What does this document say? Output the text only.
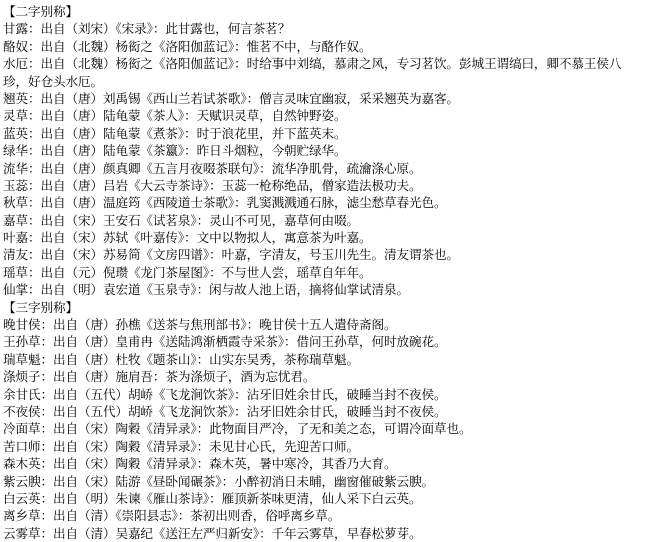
【二字别称】
甘露：出自（刘宋）《宋录》：此甘露也，何言茶茗？
酪奴：出自（北魏）杨衒之《洛阳伽蓝记》：惟茗不中，与酪作奴。
水厄：出自（北魏）杨衒之《洛阳伽蓝记》：时给事中刘缟，慕肃之风，专习茗饮。彭城王谓缟曰，卿不慕王侯八珍，好仓头水厄。
翘英：出自（唐）刘禹锡《西山兰若试茶歌》：僧言灵味宜幽寂，采采翘英为嘉客。
灵草：出自（唐）陆龟蒙《茶人》：天赋识灵草，自然钟野姿。
蓝英：出自（唐）陆龟蒙《煮茶》：时于浪花里，并下蓝英末。
绿华：出自（唐）陆龟蒙《茶籝》：昨日斗烟粒，今朝贮绿华。
流华：出自（唐）颜真卿《五言月夜啜茶联句》：流华净肌骨，疏瀹涤心原。
玉蕊：出自（唐）吕岩《大云寺茶诗》：玉蕊一枪称绝品，僧家造法极功夫。
秋草：出自（唐）温庭筠《西陵道士茶歌》：乳窦溅溅通石脉，滤尘愁草春光色。
嘉草：出自（宋）王安石《试茗泉》：灵山不可见，嘉草何由啜。
叶嘉：出自（宋）苏轼《叶嘉传》：文中以物拟人，寓意茶为叶嘉。
清友：出自（宋）苏易简《文房四谱》：叶嘉，字清友，号玉川先生。清友谓茶也。
瑶草：出自（元）倪瓒《龙门茶屋图》：不与世人尝，瑶草自年年。
仙掌：出自（明）袁宏道《玉泉寺》：闲与故人池上语，摘将仙掌试清泉。
【三字别称】
晚甘侯：出自（唐）孙樵《送茶与焦刑部书》：晚甘侯十五人遣侍斋阁。
王孙草：出自（唐）皇甫冉《送陆鸿渐栖霞寺采茶》：借问王孙草，何时放碗花。
瑞草魁：出自（唐）杜牧《题茶山》：山实东吴秀，茶称瑞草魁。
涤烦子：出自（唐）施肩吾：茶为涤烦子，酒为忘忧君。
余甘氏：出自（五代）胡峤《飞龙涧饮茶》：沾牙旧姓余甘氏，破睡当封不夜侯。
不夜侯：出自（五代）胡峤《飞龙涧饮茶》：沾牙旧姓余甘氏，破睡当封不夜侯。
冷面草：出自（宋）陶穀《清异录》：此物面目严冷，了无和美之态，可谓冷面草也。
苦口师：出自（宋）陶穀《清异录》：未见甘心氏，先迎苦口师。
森木英：出自（宋）陶穀《清异录》：森木英，暑中寒冷，其香乃大育。
紫云腴：出自（宋）陆游《昼卧闻碾茶》：小醉初消日未晡，幽窗催破紫云腴。
白云英：出自（明）朱谏《雁山茶诗》：雁顶新茶味更清，仙人采下白云英。
离乡草：出自（清）《崇阳县志》：茶初出则香，俗呼离乡草。
云雾草：出自（清）吴嘉纪《送汪左严归新安》：千年云雾草，早春松萝芽。
